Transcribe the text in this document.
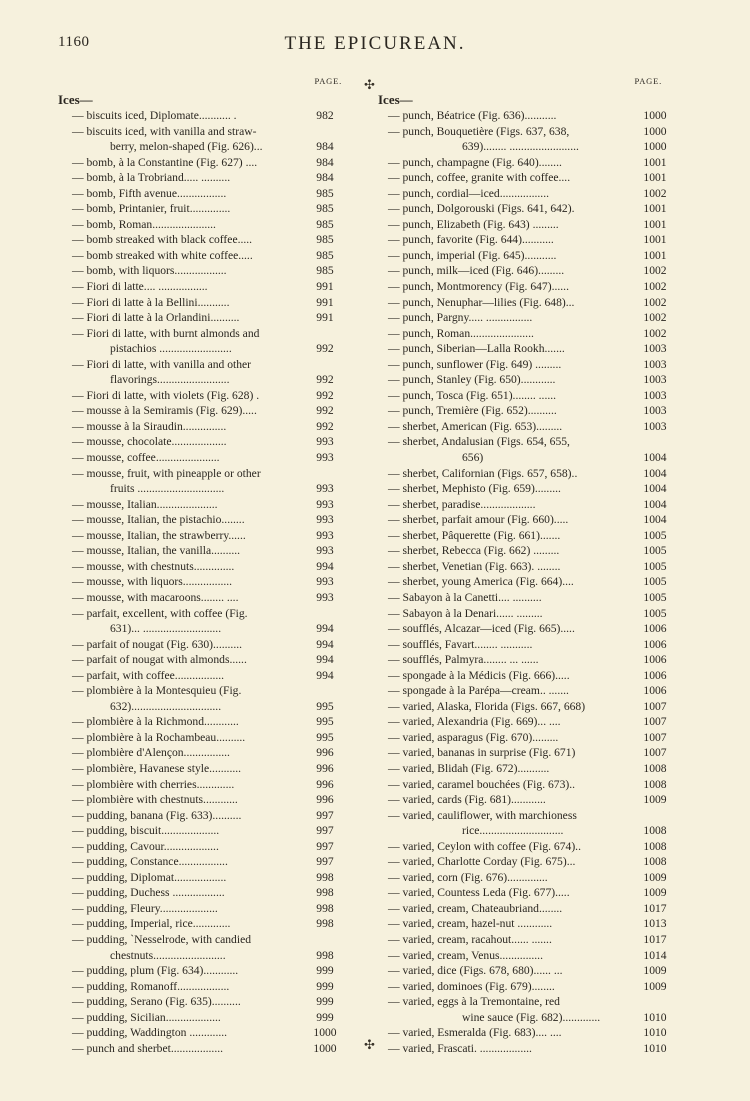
1160	THE EPICUREAN.
✣
✣
PAGE.
Ices—
— biscuits iced, Diplomate........... .	982
— biscuits iced, with vanilla and straw-
berry, melon-shaped (Fig. 626)...	984
— bomb, à la Constantine (Fig. 627) ....	984
— bomb, à la Trobriand..... ..........	984
— bomb, Fifth avenue.................	985
— bomb, Printanier, fruit..............	985
— bomb, Roman......................	985
— bomb streaked with black coffee.....	985
— bomb streaked with white coffee.....	985
— bomb, with liquors..................	985
— Fiori di latte.... .................	991
— Fiori di latte à la Bellini...........	991
— Fiori di latte à la Orlandini..........	991
— Fiori di latte, with burnt almonds and
pistachios .........................	992
— Fiori di latte, with vanilla and other
flavorings.........................	992
— Fiori di latte, with violets (Fig. 628) .	992
— mousse à la Semiramis (Fig. 629).....	992
— mousse à la Siraudin...............	992
— mousse, chocolate...................	993
— mousse, coffee......................	993
— mousse, fruit, with pineapple or other
fruits ..............................	993
— mousse, Italian.....................	993
— mousse, Italian, the pistachio........	993
— mousse, Italian, the strawberry......	993
— mousse, Italian, the vanilla..........	993
— mousse, with chestnuts..............	994
— mousse, with liquors.................	993
— mousse, with macaroons........ ....	993
— parfait, excellent, with coffee (Fig.
631)... ...........................	994
— parfait of nougat (Fig. 630)..........	994
— parfait of nougat with almonds......	994
— parfait, with coffee.................	994
— plombière à la Montesquieu (Fig.
632)...............................	995
— plombière à la Richmond............	995
— plombière à la Rochambeau..........	995
— plombière d'Alençon................	996
— plombière, Havanese style...........	996
— plombière with cherries.............	996
— plombière with chestnuts............	996
— pudding, banana (Fig. 633)..........	997
— pudding, biscuit....................	997
— pudding, Cavour...................	997
— pudding, Constance.................	997
— pudding, Diplomat..................	998
— pudding, Duchess ..................	998
— pudding, Fleury....................	998
— pudding, Imperial, rice.............	998
— pudding, `Nesselrode, with candied
chestnuts.........................	998
— pudding, plum (Fig. 634)............	999
— pudding, Romanoff..................	999
— pudding, Serano (Fig. 635)..........	999
— pudding, Sicilian...................	999
— pudding, Waddington .............	1000
— punch and sherbet..................	1000
PAGE.
Ices—
— punch, Béatrice (Fig. 636)...........	1000
— punch, Bouquetière (Figs. 637, 638,	1000
639)........ ........................	1000
— punch, champagne (Fig. 640)........	1001
— punch, coffee, granite with coffee....	1001
— punch, cordial—iced.................	1002
— punch, Dolgorouski (Figs. 641, 642).	1001
— punch, Elizabeth (Fig. 643) .........	1001
— punch, favorite (Fig. 644)...........	1001
— punch, imperial (Fig. 645)...........	1001
— punch, milk—iced (Fig. 646).........	1002
— punch, Montmorency (Fig. 647)......	1002
— punch, Nenuphar—lilies (Fig. 648)...	1002
— punch, Pargny..... ................	1002
— punch, Roman......................	1002
— punch, Siberian—Lalla Rookh.......	1003
— punch, sunflower (Fig. 649) .........	1003
— punch, Stanley (Fig. 650)............	1003
— punch, Tosca (Fig. 651)........ ......	1003
— punch, Tremière (Fig. 652)..........	1003
— sherbet, American (Fig. 653).........	1003
— sherbet, Andalusian (Figs. 654, 655,
656)	1004
— sherbet, Californian (Figs. 657, 658)..	1004
— sherbet, Mephisto (Fig. 659).........	1004
— sherbet, paradise...................	1004
— sherbet, parfait amour (Fig. 660).....	1004
— sherbet, Pâquerette (Fig. 661).......	1005
— sherbet, Rebecca (Fig. 662) .........	1005
— sherbet, Venetian (Fig. 663). ........	1005
— sherbet, young America (Fig. 664)....	1005
— Sabayon à la Canetti.... ..........	1005
— Sabayon à la Denari...... .........	1005
— soufflés, Alcazar—iced (Fig. 665).....	1006
— soufflés, Favart........ ...........	1006
— soufflés, Palmyra........ ... ......	1006
— spongade à la Médicis (Fig. 666).....	1006
— spongade à la Parépa—cream.. .......	1006
— varied, Alaska, Florida (Figs. 667, 668)	1007
— varied, Alexandria (Fig. 669)... ....	1007
— varied, asparagus (Fig. 670).........	1007
— varied, bananas in surprise (Fig. 671)	1007
— varied, Blidah (Fig. 672)...........	1008
— varied, caramel bouchées (Fig. 673)..	1008
— varied, cards (Fig. 681)............	1009
— varied, cauliflower, with marchioness
rice.............................	1008
— varied, Ceylon with coffee (Fig. 674)..	1008
— varied, Charlotte Corday (Fig. 675)...	1008
— varied, corn (Fig. 676)..............	1009
— varied, Countess Leda (Fig. 677).....	1009
— varied, cream, Chateaubriand........	1017
— varied, cream, hazel-nut ............	1013
— varied, cream, racahout...... .......	1017
— varied, cream, Venus...............	1014
— varied, dice (Figs. 678, 680)...... ...	1009
— varied, dominoes (Fig. 679)........	1009
— varied, eggs à la Tremontaine, red
wine sauce (Fig. 682).............	1010
— varied, Esmeralda (Fig. 683).... ....	1010
— varied, Frascati. ..................	1010
